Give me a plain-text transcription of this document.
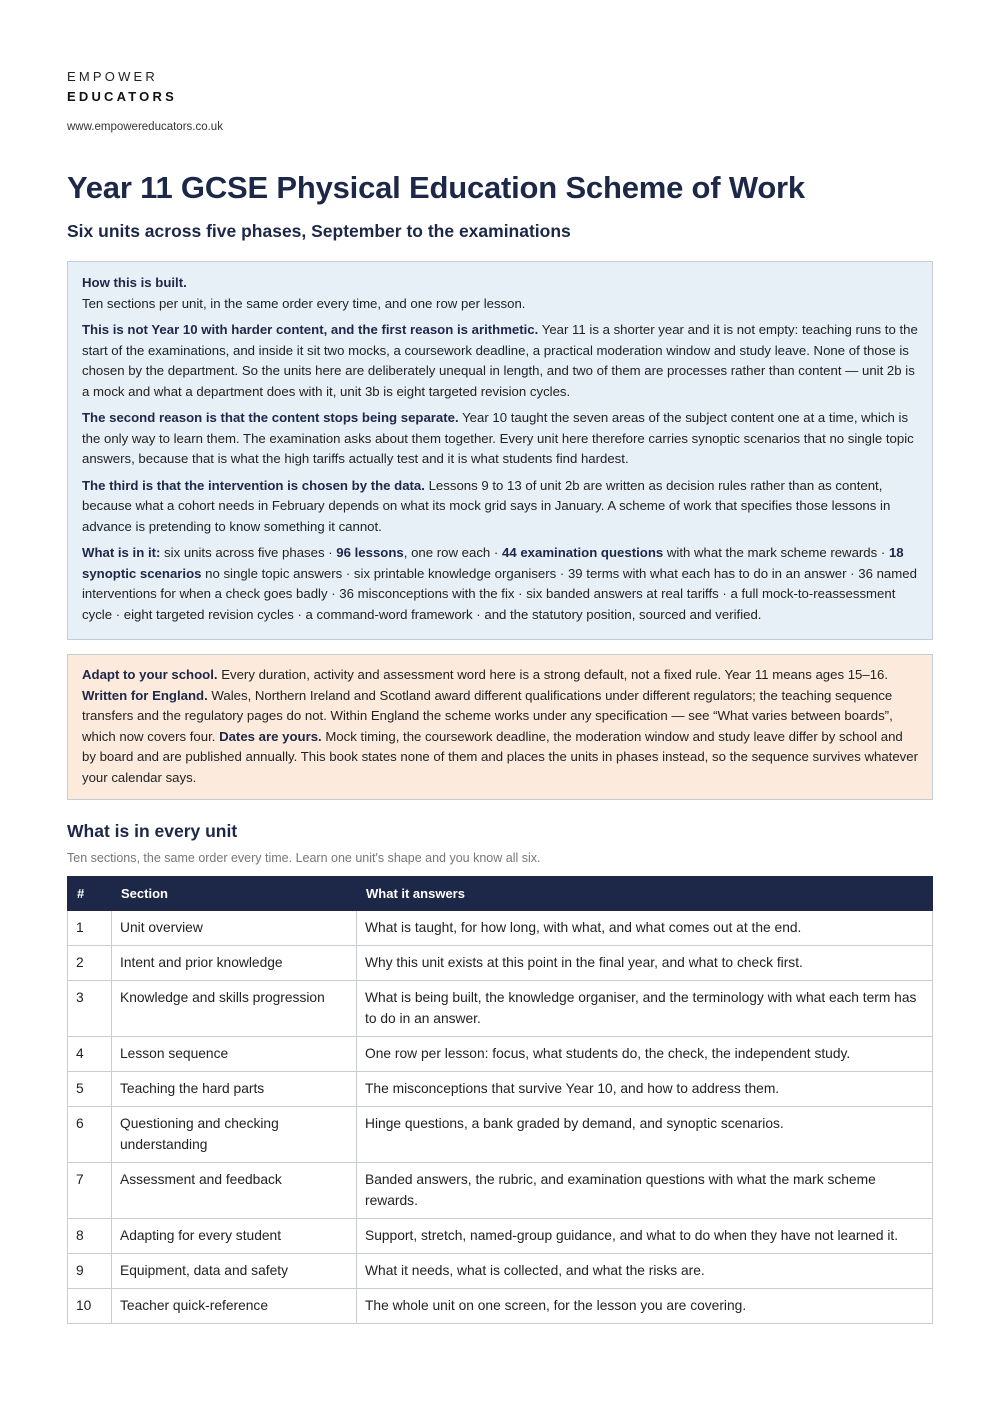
EMPOWER
EDUCATORS
www.empowereducators.co.uk
Year 11 GCSE Physical Education Scheme of Work
Six units across five phases, September to the examinations

How this is built.
Ten sections per unit, in the same order every time, and one row per lesson.

This is not Year 10 with harder content, and the first reason is arithmetic. Year 11 is a shorter year and it is not empty: teaching runs to the start of the examinations, and inside it sit two mocks, a coursework deadline, a practical moderation window and study leave. None of those is chosen by the department. So the units here are deliberately unequal in length, and two of them are processes rather than content — unit 2b is a mock and what a department does with it, unit 3b is eight targeted revision cycles.

The second reason is that the content stops being separate. Year 10 taught the seven areas of the subject content one at a time, which is the only way to learn them. The examination asks about them together. Every unit here therefore carries synoptic scenarios that no single topic answers, because that is what the high tariffs actually test and it is what students find hardest.

The third is that the intervention is chosen by the data. Lessons 9 to 13 of unit 2b are written as decision rules rather than as content, because what a cohort needs in February depends on what its mock grid says in January. A scheme of work that specifies those lessons in advance is pretending to know something it cannot.

What is in it: six units across five phases · 96 lessons, one row each · 44 examination questions with what the mark scheme rewards · 18 synoptic scenarios no single topic answers · six printable knowledge organisers · 39 terms with what each has to do in an answer · 36 named interventions for when a check goes badly · 36 misconceptions with the fix · six banded answers at real tariffs · a full mock-to-reassessment cycle · eight targeted revision cycles · a command-word framework · and the statutory position, sourced and verified.

Adapt to your school. Every duration, activity and assessment word here is a strong default, not a fixed rule. Year 11 means ages 15–16. Written for England. Wales, Northern Ireland and Scotland award different qualifications under different regulators; the teaching sequence transfers and the regulatory pages do not. Within England the scheme works under any specification — see “What varies between boards”, which now covers four. Dates are yours. Mock timing, the coursework deadline, the moderation window and study leave differ by school and by board and are published annually. This book states none of them and places the units in phases instead, so the sequence survives whatever your calendar says.

What is in every unit
Ten sections, the same order every time. Learn one unit's shape and you know all six.
#	Section	What it answers
1	Unit overview	What is taught, for how long, with what, and what comes out at the end.
2	Intent and prior knowledge	Why this unit exists at this point in the final year, and what to check first.
3	Knowledge and skills progression	What is being built, the knowledge organiser, and the terminology with what each term has to do in an answer.
4	Lesson sequence	One row per lesson: focus, what students do, the check, the independent study.
5	Teaching the hard parts	The misconceptions that survive Year 10, and how to address them.
6	Questioning and checking understanding	Hinge questions, a bank graded by demand, and synoptic scenarios.
7	Assessment and feedback	Banded answers, the rubric, and examination questions with what the mark scheme rewards.
8	Adapting for every student	Support, stretch, named-group guidance, and what to do when they have not learned it.
9	Equipment, data and safety	What it needs, what is collected, and what the risks are.
10	Teacher quick-reference	The whole unit on one screen, for the lesson you are covering.
